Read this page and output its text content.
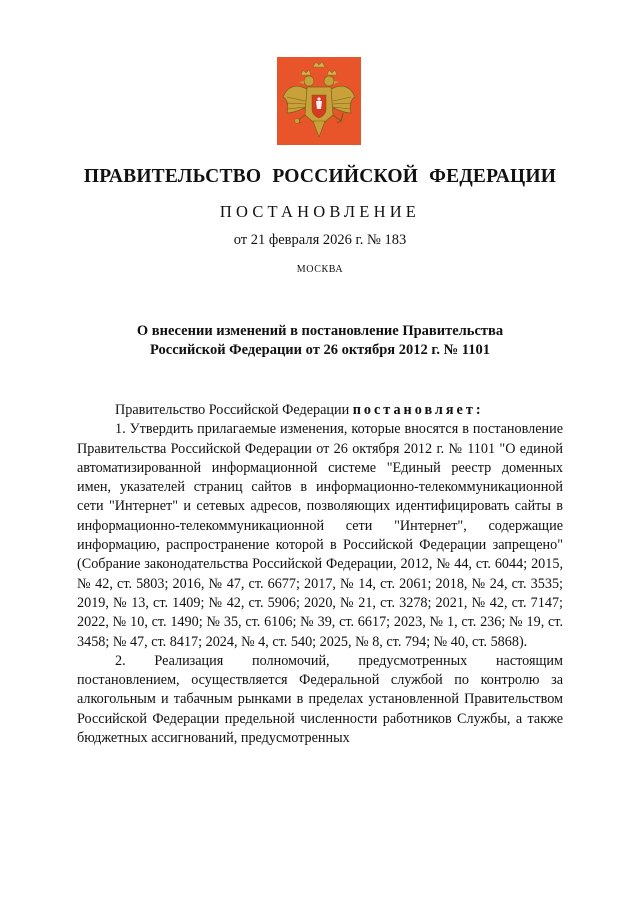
ПРАВИТЕЛЬСТВО РОССИЙСКОЙ ФЕДЕРАЦИИ
ПОСТАНОВЛЕНИЕ
от 21 февраля 2026 г. № 183
МОСКВА
О внесении изменений в постановление Правительства
Российской Федерации от 26 октября 2012 г. № 1101

Правительство Российской Федерации постановляет:

1. Утвердить прилагаемые изменения, которые вносятся в постановление Правительства Российской Федерации от 26 октября 2012 г. № 1101 "О единой автоматизированной информационной системе "Единый реестр доменных имен, указателей страниц сайтов в информационно-телекоммуникационной сети "Интернет" и сетевых адресов, позволяющих идентифицировать сайты в информационно-телекоммуникационной сети "Интернет", содержащие информацию, распространение которой в Российской Федерации запрещено" (Собрание законодательства Российской Федерации, 2012, № 44, ст. 6044; 2015, № 42, ст. 5803; 2016, № 47, ст. 6677; 2017, № 14, ст. 2061; 2018, № 24, ст. 3535; 2019, № 13, ст. 1409; № 42, ст. 5906; 2020, № 21, ст. 3278; 2021, № 42, ст. 7147; 2022, № 10, ст. 1490; № 35, ст. 6106; № 39, ст. 6617; 2023, № 1, ст. 236; № 19, ст. 3458; № 47, ст. 8417; 2024, № 4, ст. 540; 2025, № 8, ст. 794; № 40, ст. 5868).

2. Реализация полномочий, предусмотренных настоящим постановлением, осуществляется Федеральной службой по контролю за алкогольным и табачным рынками в пределах установленной Правительством Российской Федерации предельной численности работников Службы, а также бюджетных ассигнований, предусмотренных
